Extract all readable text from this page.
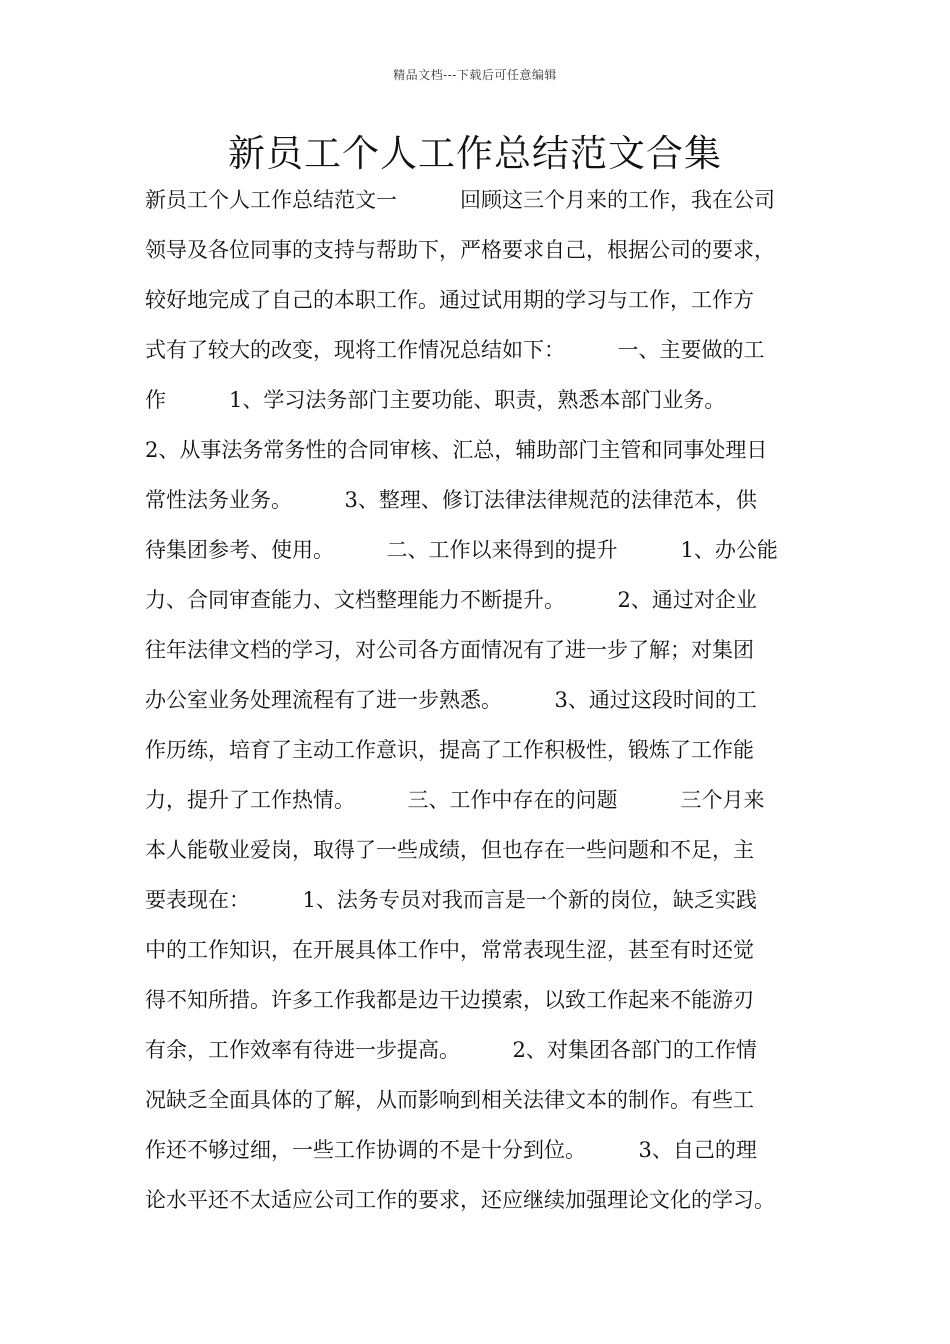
精品文档---下载后可任意编辑
新员工个人工作总结范文合集
新员工个人工作总结范文一　　　回顾这三个月来的工作，我在公司
领导及各位同事的支持与帮助下，严格要求自己，根据公司的要求，
较好地完成了自己的本职工作。通过试用期的学习与工作，工作方
式有了较大的改变，现将工作情况总结如下：　　　一、主要做的工
作　　　1、学习法务部门主要功能、职责，熟悉本部门业务。
2、从事法务常务性的合同审核、汇总，辅助部门主管和同事处理日
常性法务业务。　　　3、整理、修订法律法律规范的法律范本，供
待集团参考、使用。　　　二、工作以来得到的提升　　　1、办公能
力、合同审查能力、文档整理能力不断提升。　　　2、通过对企业
往年法律文档的学习，对公司各方面情况有了进一步了解；对集团
办公室业务处理流程有了进一步熟悉。　　　3、通过这段时间的工
作历练，培育了主动工作意识，提高了工作积极性，锻炼了工作能
力，提升了工作热情。　　　三、工作中存在的问题　　　三个月来
本人能敬业爱岗，取得了一些成绩，但也存在一些问题和不足，主
要表现在：　　　1、法务专员对我而言是一个新的岗位，缺乏实践
中的工作知识，在开展具体工作中，常常表现生涩，甚至有时还觉
得不知所措。许多工作我都是边干边摸索，以致工作起来不能游刃
有余，工作效率有待进一步提高。　　　2、对集团各部门的工作情
况缺乏全面具体的了解，从而影响到相关法律文本的制作。有些工
作还不够过细，一些工作协调的不是十分到位。　　　3、自己的理
论水平还不太适应公司工作的要求，还应继续加强理论文化的学习。
